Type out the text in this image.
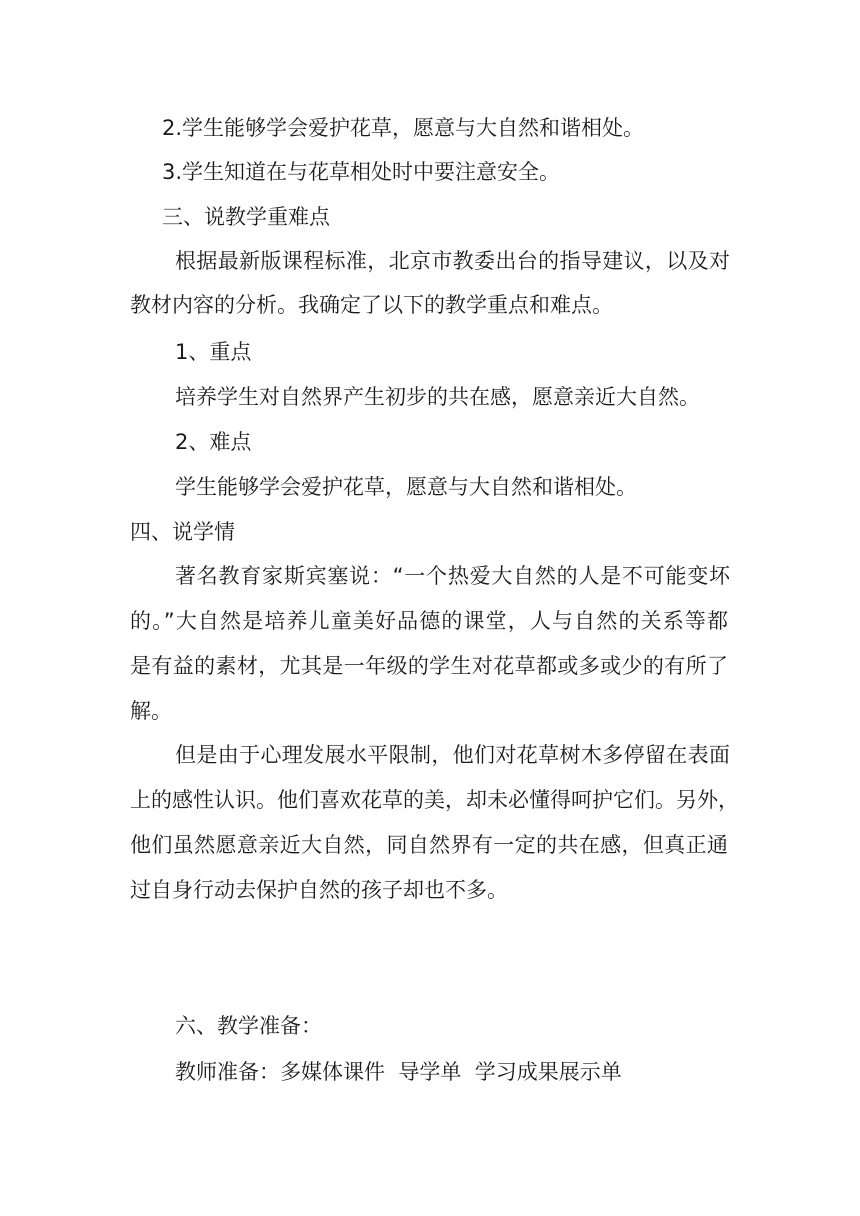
2.学生能够学会爱护花草，愿意与大自然和谐相处。
3.学生知道在与花草相处时中要注意安全。
三、说教学重难点
根据最新版课程标准，北京市教委出台的指导建议，以及对
教材内容的分析。我确定了以下的教学重点和难点。
1、重点
培养学生对自然界产生初步的共在感，愿意亲近大自然。
2、难点
学生能够学会爱护花草，愿意与大自然和谐相处。
四、说学情
著名教育家斯宾塞说：“一个热爱大自然的人是不可能变坏
的。”大自然是培养儿童美好品德的课堂，人与自然的关系等都
是有益的素材，尤其是一年级的学生对花草都或多或少的有所了
解。
但是由于心理发展水平限制，他们对花草树木多停留在表面
上的感性认识。他们喜欢花草的美，却未必懂得呵护它们。另外，
他们虽然愿意亲近大自然，同自然界有一定的共在感，但真正通
过自身行动去保护自然的孩子却也不多。
六、教学准备：
教师准备：多媒体课件  导学单  学习成果展示单
